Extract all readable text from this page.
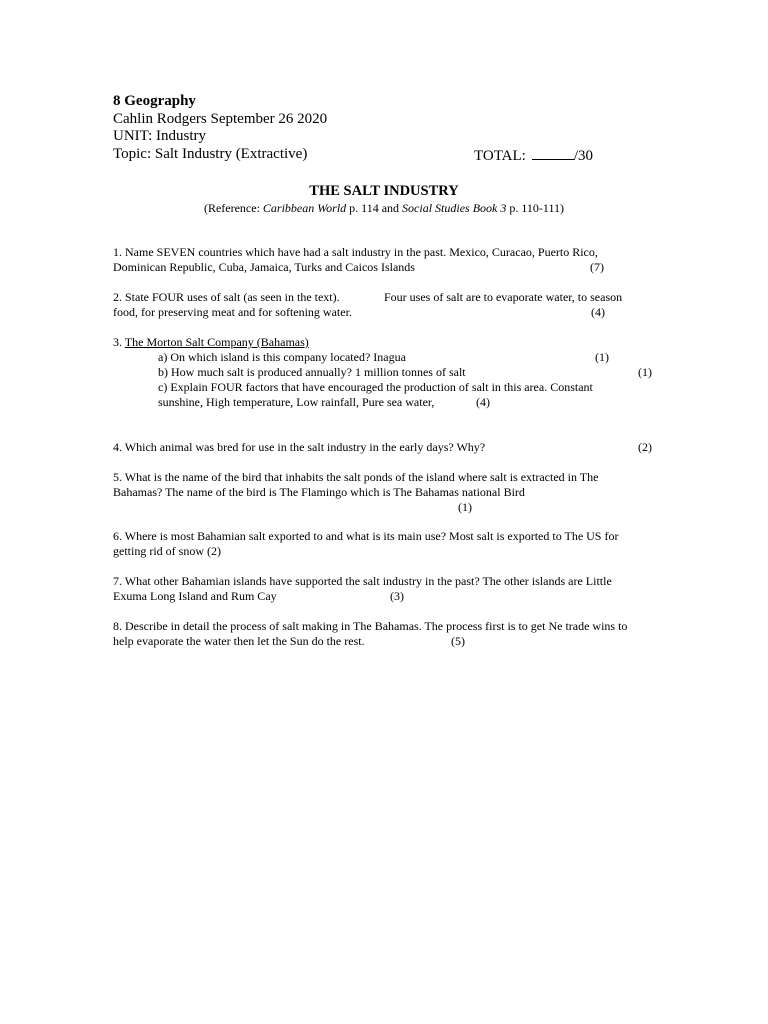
8 Geography
Cahlin Rodgers September 26 2020
UNIT: Industry
Topic: Salt Industry (Extractive)	TOTAL:	/30
THE SALT INDUSTRY
(Reference: Caribbean World p. 114 and Social Studies Book 3 p. 110-111)
1. Name SEVEN countries which have had a salt industry in the past. Mexico, Curacao, Puerto Rico,
Dominican Republic, Cuba, Jamaica, Turks and Caicos Islands	(7)
2. State FOUR uses of salt (as seen in the text).	Four uses of salt are to evaporate water, to season
food, for preserving meat and for softening water.	(4)
3. The Morton Salt Company (Bahamas)
a) On which island is this company located? Inagua	(1)
b) How much salt is produced annually? 1 million tonnes of salt	(1)
c) Explain FOUR factors that have encouraged the production of salt in this area. Constant
sunshine, High temperature, Low rainfall, Pure sea water,	(4)
4. Which animal was bred for use in the salt industry in the early days? Why?	(2)
5. What is the name of the bird that inhabits the salt ponds of the island where salt is extracted in The
Bahamas? The name of the bird is The Flamingo which is The Bahamas national Bird
(1)
6. Where is most Bahamian salt exported to and what is its main use? Most salt is exported to The US for
getting rid of snow (2)
7. What other Bahamian islands have supported the salt industry in the past? The other islands are Little
Exuma Long Island and Rum Cay	(3)
8. Describe in detail the process of salt making in The Bahamas. The process first is to get Ne trade wins to
help evaporate the water then let the Sun do the rest.	(5)
